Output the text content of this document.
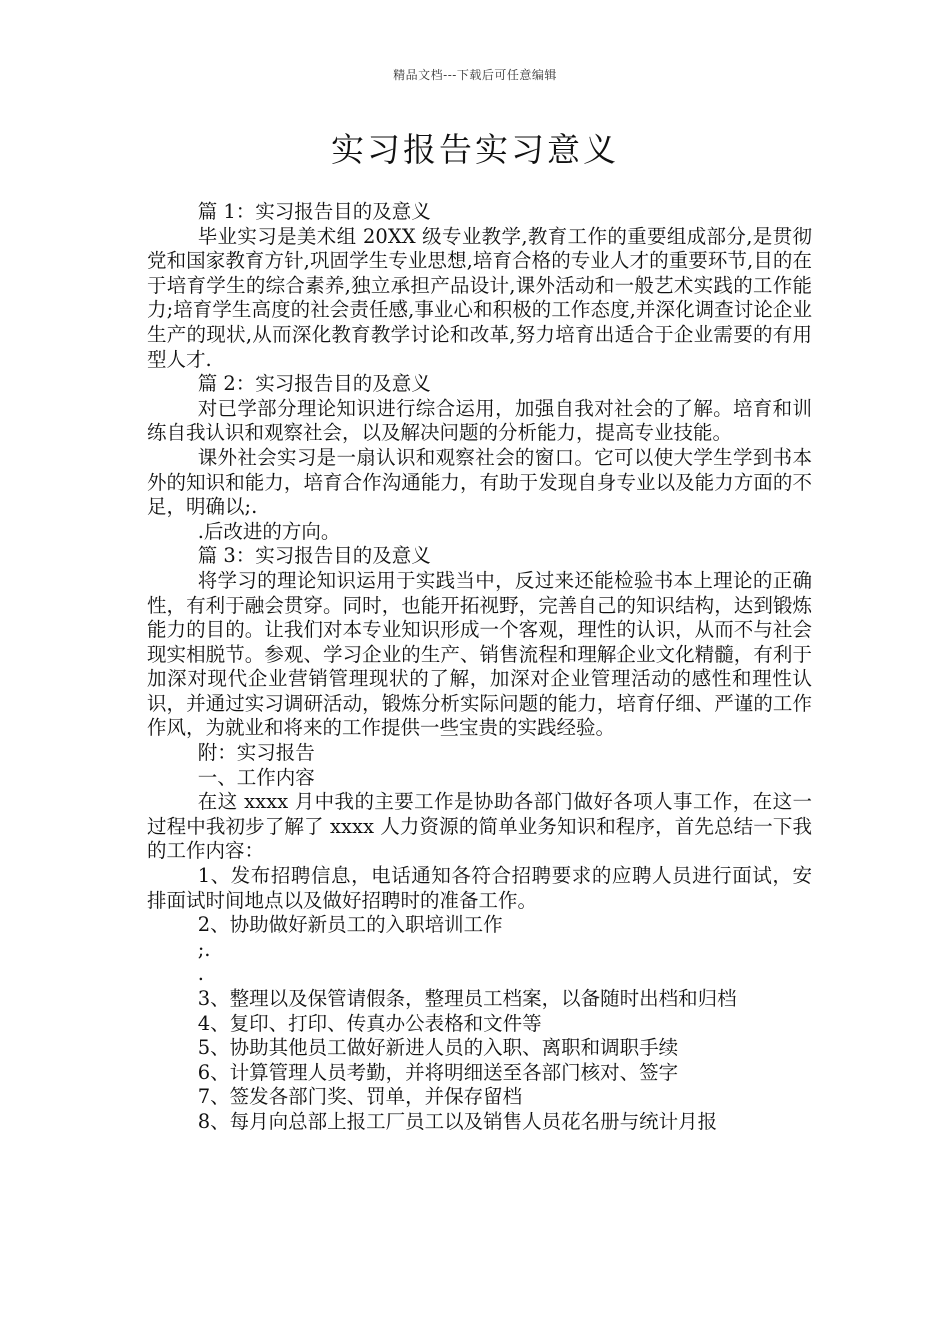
精品文档---下载后可任意编辑
实习报告实习意义

篇 1：实习报告目的及意义

毕业实习是美术组 20XX 级专业教学,教育工作的重要组成部分,是贯彻党和国家教育方针,巩固学生专业思想,培育合格的专业人才的重要环节,目的在于培育学生的综合素养,独立承担产品设计,课外活动和一般艺术实践的工作能力;培育学生高度的社会责任感,事业心和积极的工作态度,并深化调查讨论企业生产的现状,从而深化教育教学讨论和改革,努力培育出适合于企业需要的有用型人才.

篇 2：实习报告目的及意义

对已学部分理论知识进行综合运用，加强自我对社会的了解。培育和训练自我认识和观察社会，以及解决问题的分析能力，提高专业技能。

课外社会实习是一扇认识和观察社会的窗口。它可以使大学生学到书本外的知识和能力，培育合作沟通能力，有助于发现自身专业以及能力方面的不足，明确以;.

.后改进的方向。

篇 3：实习报告目的及意义

将学习的理论知识运用于实践当中，反过来还能检验书本上理论的正确性，有利于融会贯穿。同时，也能开拓视野，完善自己的知识结构，达到锻炼能力的目的。让我们对本专业知识形成一个客观，理性的认识，从而不与社会现实相脱节。参观、学习企业的生产、销售流程和理解企业文化精髓，有利于加深对现代企业营销管理现状的了解，加深对企业管理活动的感性和理性认识，并通过实习调研活动，锻炼分析实际问题的能力，培育仔细、严谨的工作作风，为就业和将来的工作提供一些宝贵的实践经验。

附：实习报告

一、工作内容

在这 xxxx 月中我的主要工作是协助各部门做好各项人事工作，在这一过程中我初步了解了 xxxx 人力资源的简单业务知识和程序，首先总结一下我的工作内容：

1、发布招聘信息，电话通知各符合招聘要求的应聘人员进行面试，安排面试时间地点以及做好招聘时的准备工作。

2、协助做好新员工的入职培训工作

;.

.

3、整理以及保管请假条，整理员工档案，以备随时出档和归档

4、复印、打印、传真办公表格和文件等

5、协助其他员工做好新进人员的入职、离职和调职手续

6、计算管理人员考勤，并将明细送至各部门核对、签字

7、签发各部门奖、罚单，并保存留档

8、每月向总部上报工厂员工以及销售人员花名册与统计月报
